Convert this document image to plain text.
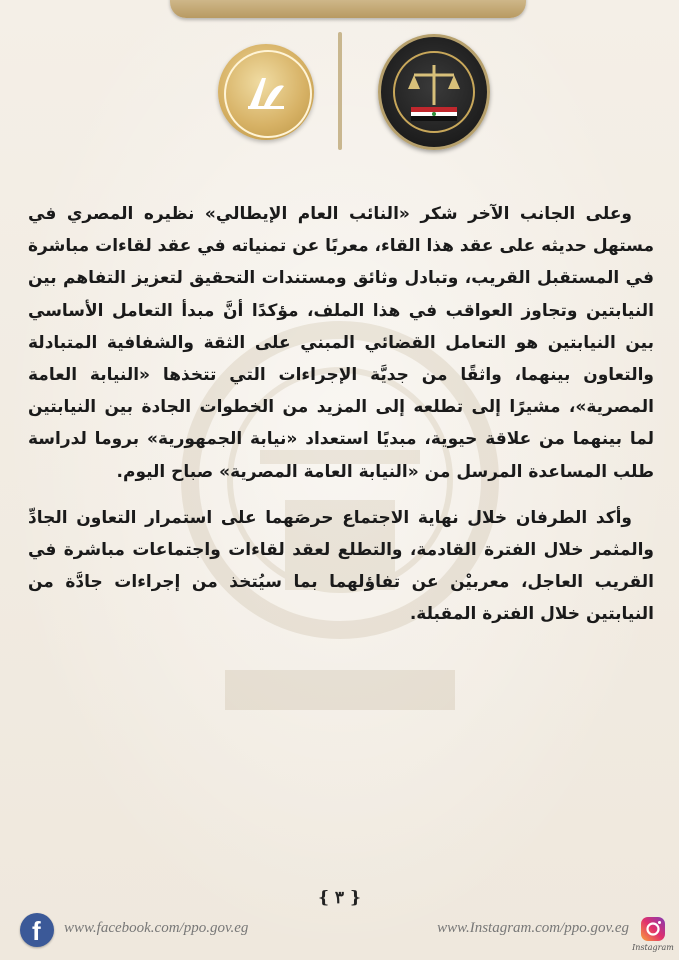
وعلى الجانب الآخر شكر «النائب العام الإيطالي» نظيره المصري في مستهل حديثه على عقد هذا القاء، معربًا عن تمنياته في عقد لقاءات مباشرة في المستقبل القريب، وتبادل وثائق ومستندات التحقيق لتعزيز التفاهم بين النيابتين وتجاوز العواقب في هذا الملف، مؤكدًا أنَّ مبدأ التعامل الأساسي بين النيابتين هو التعامل القضائي المبني على الثقة والشفافية المتبادلة والتعاون بينهما، واثقًا من جديَّة الإجراءات التي تتخذها «النيابة العامة المصرية»، مشيرًا إلى تطلعه إلى المزيد من الخطوات الجادة بين النيابتين لما بينهما من علاقة حيوية، مبديًا استعداد «نيابة الجمهورية» بروما لدراسة طلب المساعدة المرسل من «النيابة العامة المصرية» صباح اليوم.

وأكد الطرفان خلال نهاية الاجتماع حرصَهما على استمرار التعاون الجادِّ والمثمر خلال الفترة القادمة، والتطلع لعقد لقاءات واجتماعات مباشرة في القريب العاجل، معربيْن عن تفاؤلهما بما سيُتخذ من إجراءات جادَّة من النيابتين خلال الفترة المقبلة.

{ ٣ }
f www.facebook.com/ppo.gov.eg	www.Instagram.com/ppo.gov.eg
Instagram
